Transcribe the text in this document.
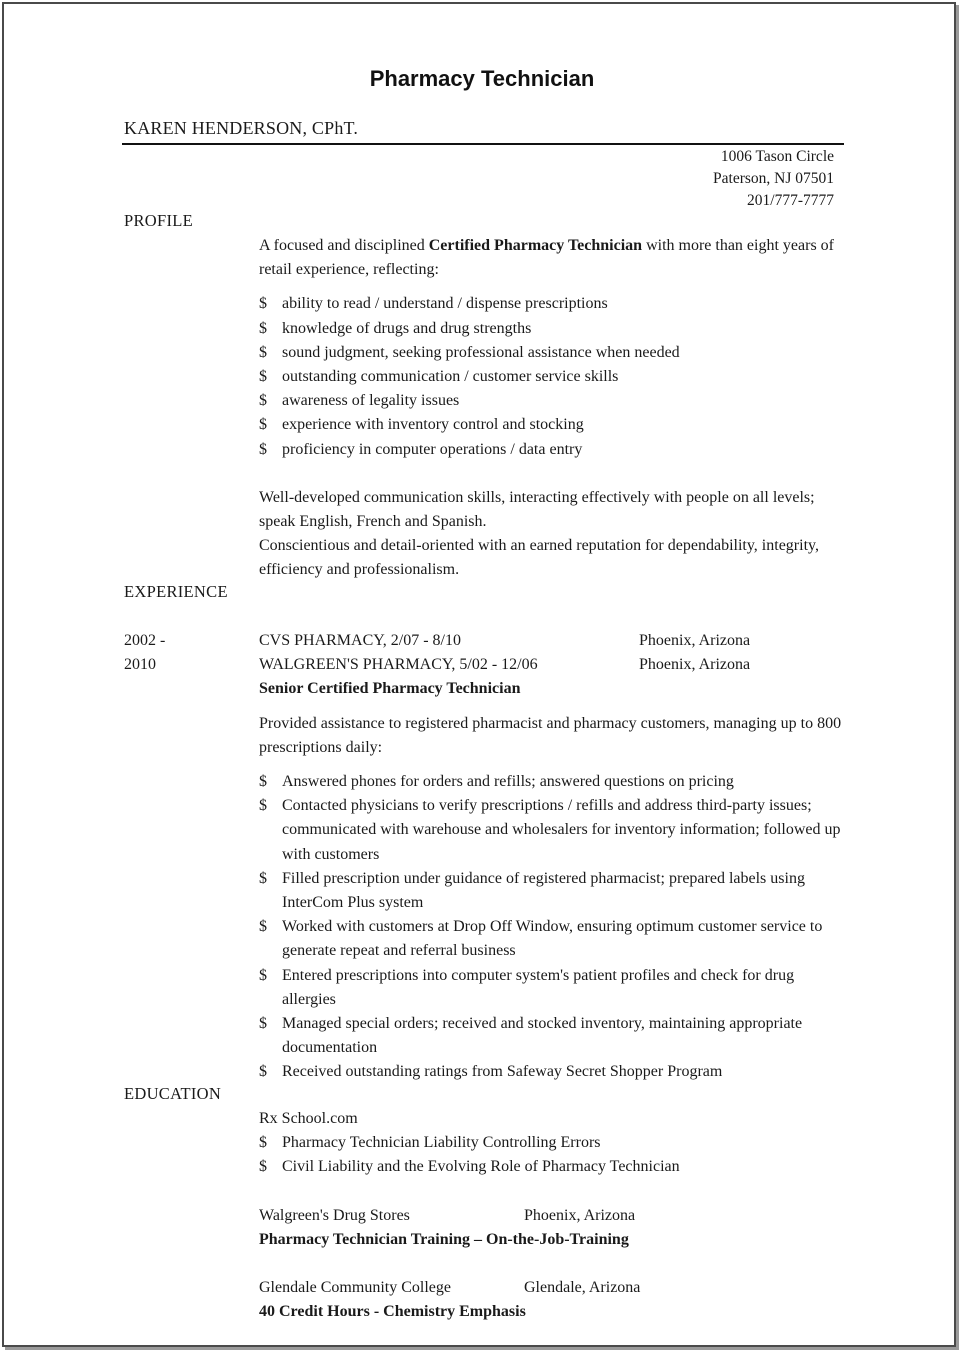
Pharmacy Technician
KAREN HENDERSON, CPhT.
1006 Tason Circle
Paterson, NJ 07501
201/777-7777
PROFILE

A focused and disciplined Certified Pharmacy Technician with more than eight years of retail experience, reflecting:

$ ability to read / understand / dispense prescriptions
$ knowledge of drugs and drug strengths
$ sound judgment, seeking professional assistance when needed
$ outstanding communication / customer service skills
$ awareness of legality issues
$ experience with inventory control and stocking
$ proficiency in computer operations / data entry

Well-developed communication skills, interacting effectively with people on all levels; speak English, French and Spanish.

Conscientious and detail-oriented with an earned reputation for dependability, integrity, efficiency and professionalism.

EXPERIENCE
2002 -
2010
CVS PHARMACY, 2/07 - 8/10	Phoenix, Arizona
WALGREEN'S PHARMACY, 5/02 - 12/06	Phoenix, Arizona

Senior Certified Pharmacy Technician

Provided assistance to registered pharmacist and pharmacy customers, managing up to 800 prescriptions daily:

$ Answered phones for orders and refills; answered questions on pricing
$ Contacted physicians to verify prescriptions / refills and address third-party issues; communicated with warehouse and wholesalers for inventory information; followed up with customers
$ Filled prescription under guidance of registered pharmacist; prepared labels using InterCom Plus system
$ Worked with customers at Drop Off Window, ensuring optimum customer service to generate repeat and referral business
$ Entered prescriptions into computer system's patient profiles and check for drug allergies
$ Managed special orders; received and stocked inventory, maintaining appropriate documentation
$ Received outstanding ratings from Safeway Secret Shopper Program
EDUCATION

Rx School.com

$ Pharmacy Technician Liability Controlling Errors
$ Civil Liability and the Evolving Role of Pharmacy Technician
Walgreen's Drug Stores	Phoenix, Arizona

Pharmacy Technician Training – On-the-Job-Training

Glendale Community College	Glendale, Arizona

40 Credit Hours - Chemistry Emphasis
